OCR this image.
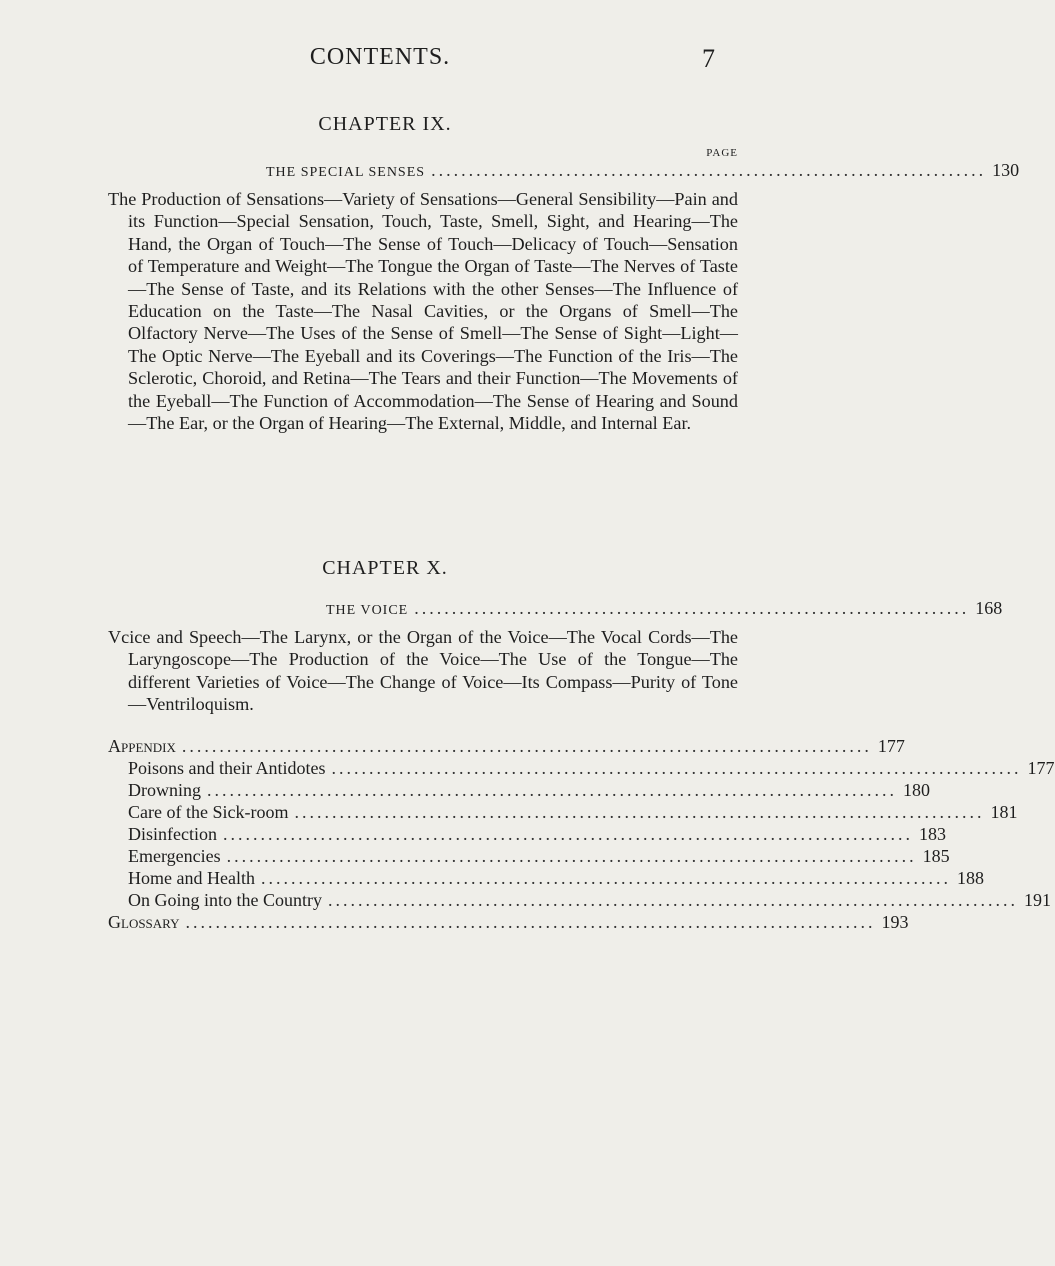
CONTENTS.	7
CHAPTER IX.
PAGE
THE SPECIAL SENSES .......................................................................... 130
The Production of Sensations—Variety of Sensations—General Sensibility—Pain and its Function—Special Sensation, Touch, Taste, Smell, Sight, and Hearing—The Hand, the Organ of Touch—The Sense of Touch—Delicacy of Touch—Sensation of Temperature and Weight—The Tongue the Organ of Taste—The Nerves of Taste—The Sense of Taste, and its Relations with the other Senses—The Influence of Education on the Taste—The Nasal Cavities, or the Organs of Smell—The Olfactory Nerve—The Uses of the Sense of Smell—The Sense of Sight—Light—The Optic Nerve—The Eyeball and its Coverings—The Function of the Iris—The Sclerotic, Choroid, and Retina—The Tears and their Function—The Movements of the Eyeball—The Function of Accommodation—The Sense of Hearing and Sound—The Ear, or the Organ of Hearing—The External, Middle, and Internal Ear.
CHAPTER X.
THE VOICE .......................................................................... 168
Vcice and Speech—The Larynx, or the Organ of the Voice—The Vocal Cords—The Laryngoscope—The Production of the Voice—The Use of the Tongue—The different Varieties of Voice—The Change of Voice—Its Compass—Purity of Tone —Ventriloquism.
Appendix ............................................................................................ 177
Poisons and their Antidotes ............................................................................................ 177
Drowning ............................................................................................ 180
Care of the Sick-room ............................................................................................ 181
Disinfection ............................................................................................ 183
Emergencies ............................................................................................ 185
Home and Health ............................................................................................ 188
On Going into the Country ............................................................................................ 191
Glossary ............................................................................................ 193
